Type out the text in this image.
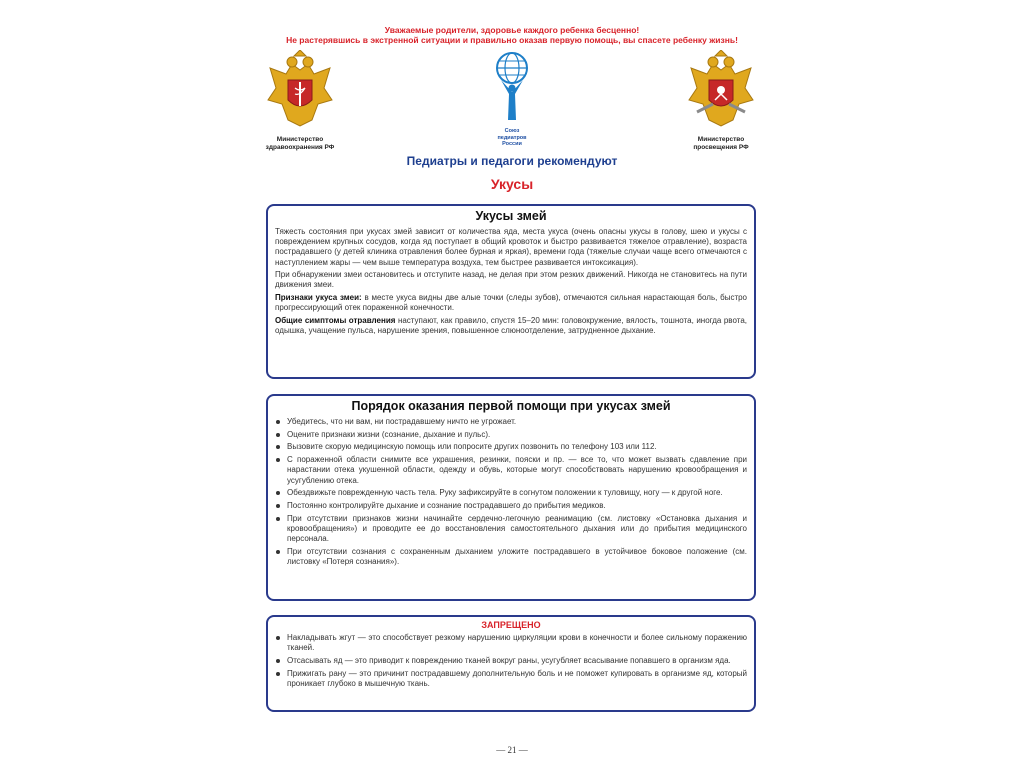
Уважаемые родители, здоровье каждого ребенка бесценно!
Не растерявшись в экстренной ситуации и правильно оказав первую помощь, вы спасете ребенку жизнь!
Министерство
здравоохранения РФ
Союз
педиатров
России
Министерство
просвещения РФ
Педиатры и педагоги рекомендуют
Укусы
Укусы змей

Тяжесть состояния при укусах змей зависит от количества яда, места укуса (очень опасны укусы в голову, шею и укусы с повреждением крупных сосудов, когда яд поступает в общий кровоток и быстро развивается тяжелое отравление), возраста пострадавшего (у детей клиника отравления более бурная и яркая), времени года (тяжелые случаи чаще всего отмечаются с наступлением жары — чем выше температура воздуха, тем быстрее развивается интоксикация).

При обнаружении змеи остановитесь и отступите назад, не делая при этом резких движений. Никогда не становитесь на пути движения змеи.

Признаки укуса змеи: в месте укуса видны две алые точки (следы зубов), отмечаются сильная нарастающая боль, быстро прогрессирующий отек пораженной конечности.

Общие симптомы отравления наступают, как правило, спустя 15–20 мин: головокружение, вялость, тошнота, иногда рвота, одышка, учащение пульса, нарушение зрения, повышенное слюноотделение, затрудненное дыхание.

Порядок оказания первой помощи при укусах змей
Убедитесь, что ни вам, ни пострадавшему ничто не угрожает.
Оцените признаки жизни (сознание, дыхание и пульс).
Вызовите скорую медицинскую помощь или попросите других позвонить по телефону 103 или 112.
С пораженной области снимите все украшения, резинки, пояски и пр. — все то, что может вызвать сдавление при нарастании отека укушенной области, одежду и обувь, которые могут способствовать нарушению кровообращения и усугублению отека.
Обездвижьте поврежденную часть тела. Руку зафиксируйте в согнутом положении к туловищу, ногу — к другой ноге.
Постоянно контролируйте дыхание и сознание пострадавшего до прибытия медиков.
При отсутствии признаков жизни начинайте сердечно-легочную реанимацию (см. листовку «Остановка дыхания и кровообращения») и проводите ее до восстановления самостоятельного дыхания или до прибытия медицинского персонала.
При отсутствии сознания с сохраненным дыханием уложите пострадавшего в устойчивое боковое положение (см. листовку «Потеря сознания»).
ЗАПРЕЩЕНО
Накладывать жгут — это способствует резкому нарушению циркуляции крови в конечности и более сильному поражению тканей.
Отсасывать яд — это приводит к повреждению тканей вокруг раны, усугубляет всасывание попавшего в организм яда.
Прижигать рану — это причинит пострадавшему дополнительную боль и не поможет купировать в организме яд, который проникает глубоко в мышечную ткань.
— 21 —
